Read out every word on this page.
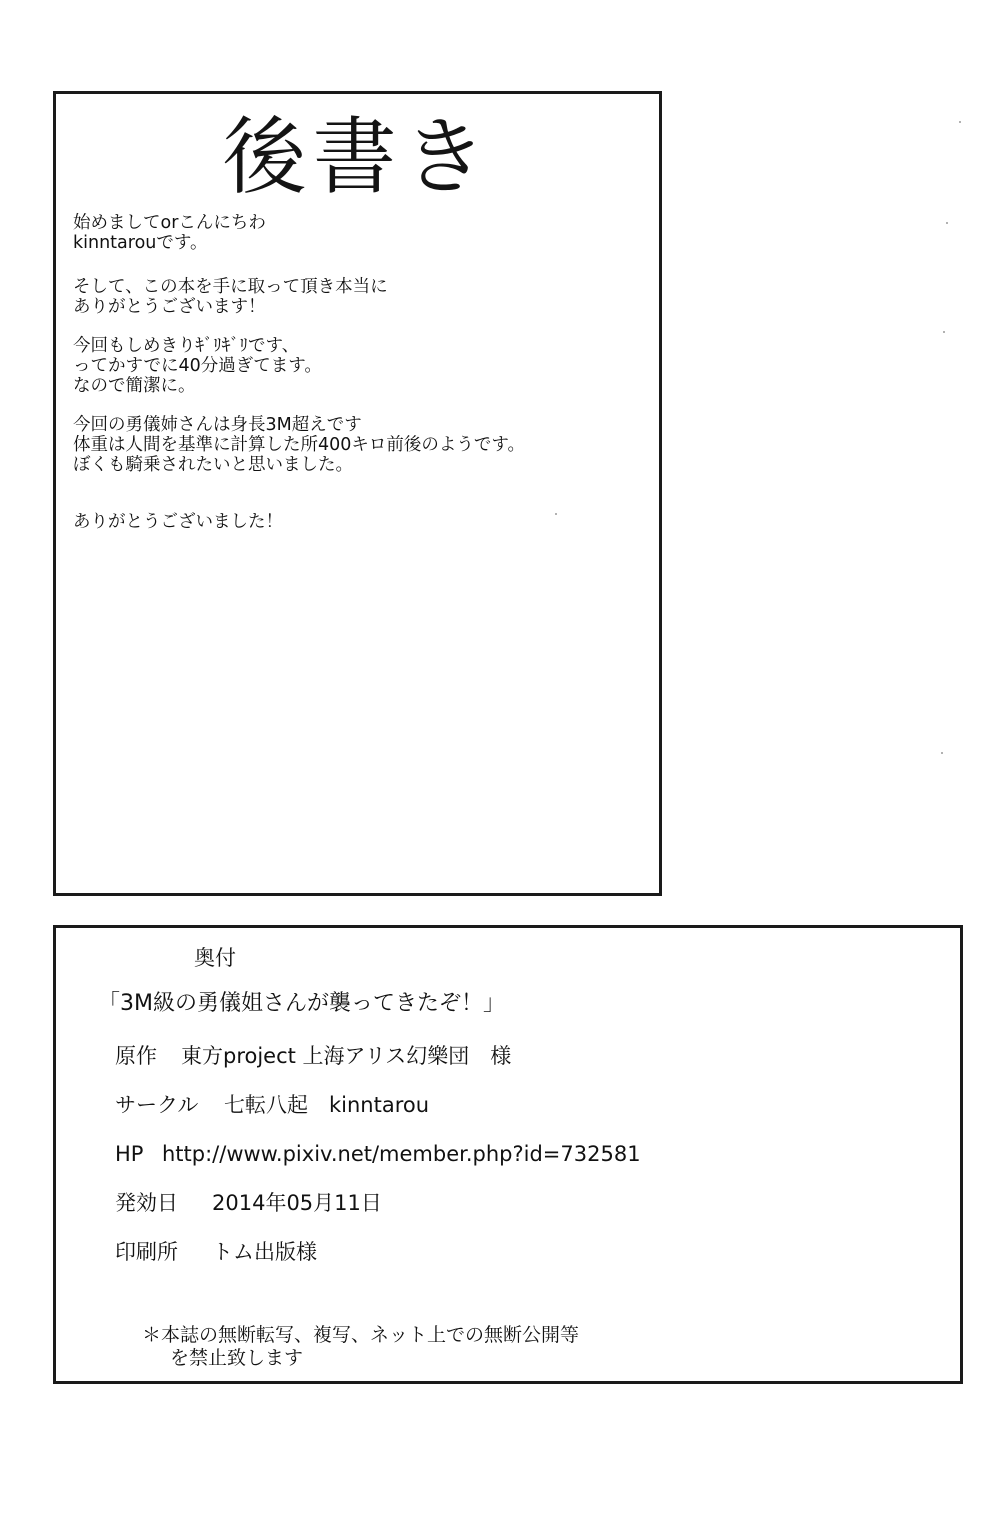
後書き
始めましてorこんにちわ
kinntarouです。
そして、この本を手に取って頂き本当に
ありがとうございます！
今回もしめきりｷﾞﾘｷﾞﾘです、
ってかすでに40分過ぎてます。
なので簡潔に。
今回の勇儀姉さんは身長3M超えです
体重は人間を基準に計算した所400キロ前後のようです。
ぼくも騎乗されたいと思いました。
ありがとうございました！
奥付
「3M級の勇儀姐さんが襲ってきたぞ！」
原作 東方project 上海アリス幻樂団　様
サークル 七転八起　kinntarou
HP http://www.pixiv.net/member.php?id=732581
発効日 2014年05月11日
印刷所 トム出版様
＊本誌の無断転写、複写、ネット上での無断公開等
を禁止致します
